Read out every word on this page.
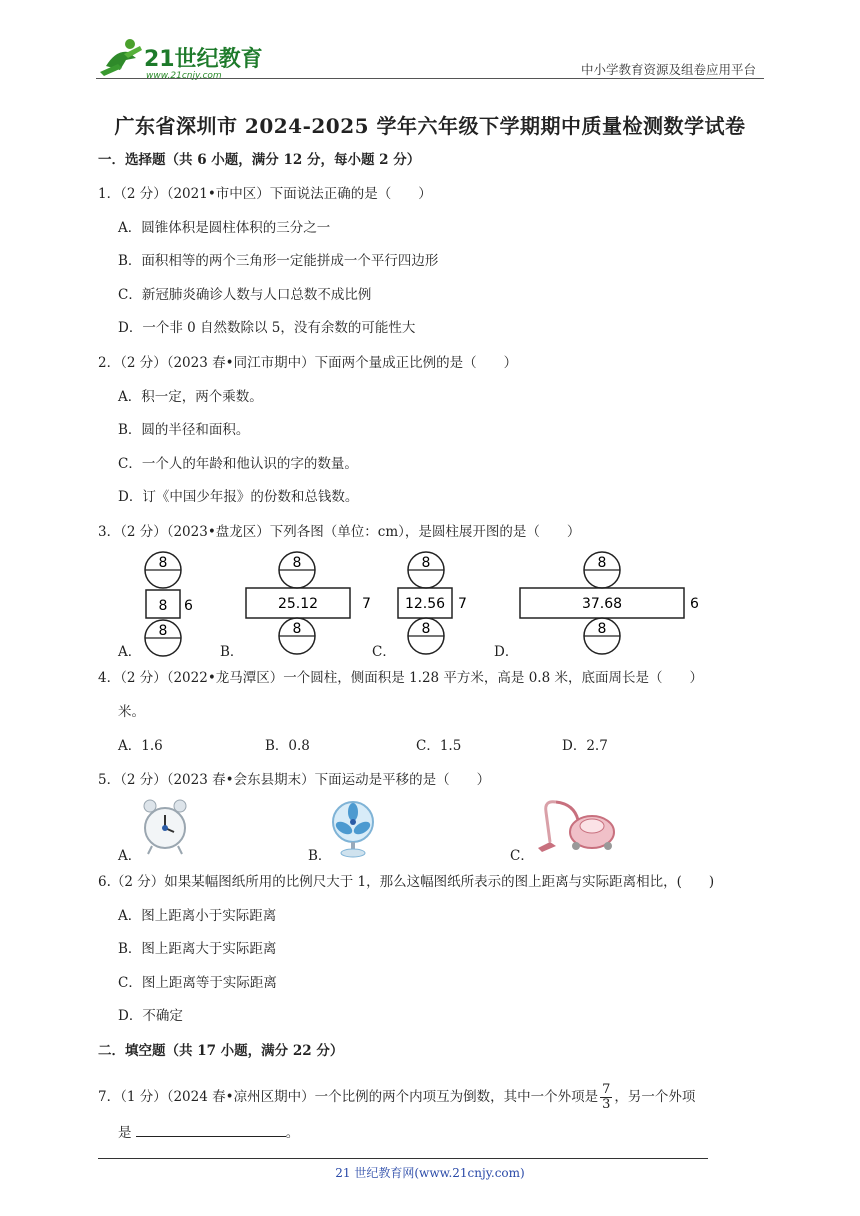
21世纪教育
www.21cnjy.com	中小学教育资源及组卷应用平台
广东省深圳市 2024-2025 学年六年级下学期期中质量检测数学试卷
一．选择题（共 6 小题，满分 12 分，每小题 2 分）
1．（2 分）（2021•市中区）下面说法正确的是（　　）
A．圆锥体积是圆柱体积的三分之一
B．面积相等的两个三角形一定能拼成一个平行四边形
C．新冠肺炎确诊人数与人口总数不成比例
D．一个非 0 自然数除以 5，没有余数的可能性大
2．（2 分）（2023 春•同江市期中）下面两个量成正比例的是（　　）
A．积一定，两个乘数。
B．圆的半径和面积。
C．一个人的年龄和他认识的字的数量。
D．订《中国少年报》的份数和总钱数。
3．（2 分）（2023•盘龙区）下列各图（单位：cm），是圆柱展开图的是（　　）
A．
8
8 6
8
B．
8
25.12	7
8
C．
8
12.56 7
8
D．
8
37.68	6
8
4．（2 分）（2022•龙马潭区）一个圆柱，侧面积是 1.28 平方米，高是 0.8 米，底面周长是（　　）
米。
A．1.6	B．0.8	C．1.5	D．2.7
5．（2 分）（2023 春•会东县期末）下面运动是平移的是（　　）
A．	B．	C．
6.（2 分）如果某幅图纸所用的比例尺大于 1，那么这幅图纸所表示的图上距离与实际距离相比，(　　)
A．图上距离小于实际距离
B．图上距离大于实际距离
C．图上距离等于实际距离
D．不确定
二．填空题（共 17 小题，满分 22 分）
7．（1 分）（2024 春•凉州区期中）一个比例的两个内项互为倒数，其中一个外项是 $\frac{7}{3}$ ，另一个外项
是	。
21 世纪教育网(www.21cnjy.com)
